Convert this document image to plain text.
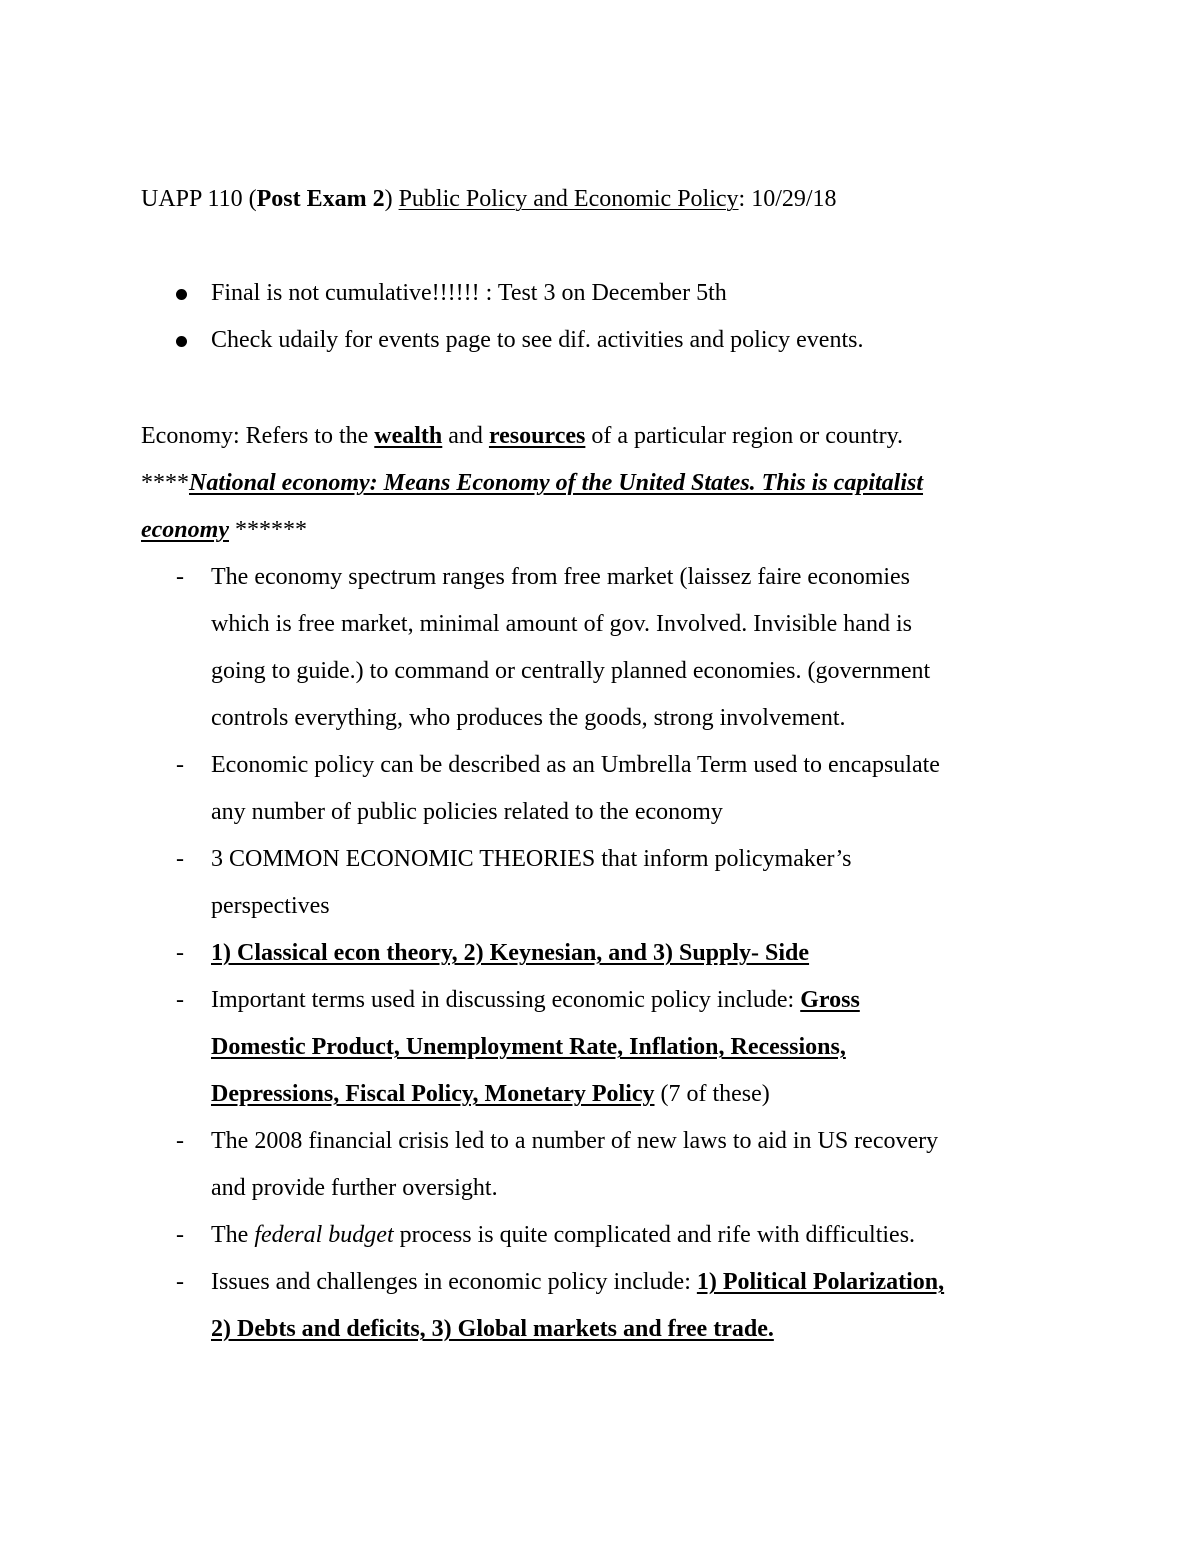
UAPP 110 (Post Exam 2) Public Policy and Economic Policy: 10/29/18
Final is not cumulative!!!!!! : Test 3 on December 5th
Check udaily for events page to see dif. activities and policy events.

Economy: Refers to the wealth and resources of a particular region or country.

****National economy: Means Economy of the United States. This is capitalist

economy ******

- The economy spectrum ranges from free market (laissez faire economies
which is free market, minimal amount of gov. Involved. Invisible hand is
going to guide.) to command or centrally planned economies. (government
controls everything, who produces the goods, strong involvement.
- Economic policy can be described as an Umbrella Term used to encapsulate
any number of public policies related to the economy
- 3 COMMON ECONOMIC THEORIES that inform policymaker’s
perspectives
- 1) Classical econ theory, 2) Keynesian, and 3) Supply- Side
- Important terms used in discussing economic policy include: Gross
Domestic Product, Unemployment Rate, Inflation, Recessions,
Depressions, Fiscal Policy, Monetary Policy (7 of these)
- The 2008 financial crisis led to a number of new laws to aid in US recovery
and provide further oversight.
- The federal budget process is quite complicated and rife with difficulties.
- Issues and challenges in economic policy include: 1) Political Polarization,
2) Debts and deficits, 3) Global markets and free trade.
